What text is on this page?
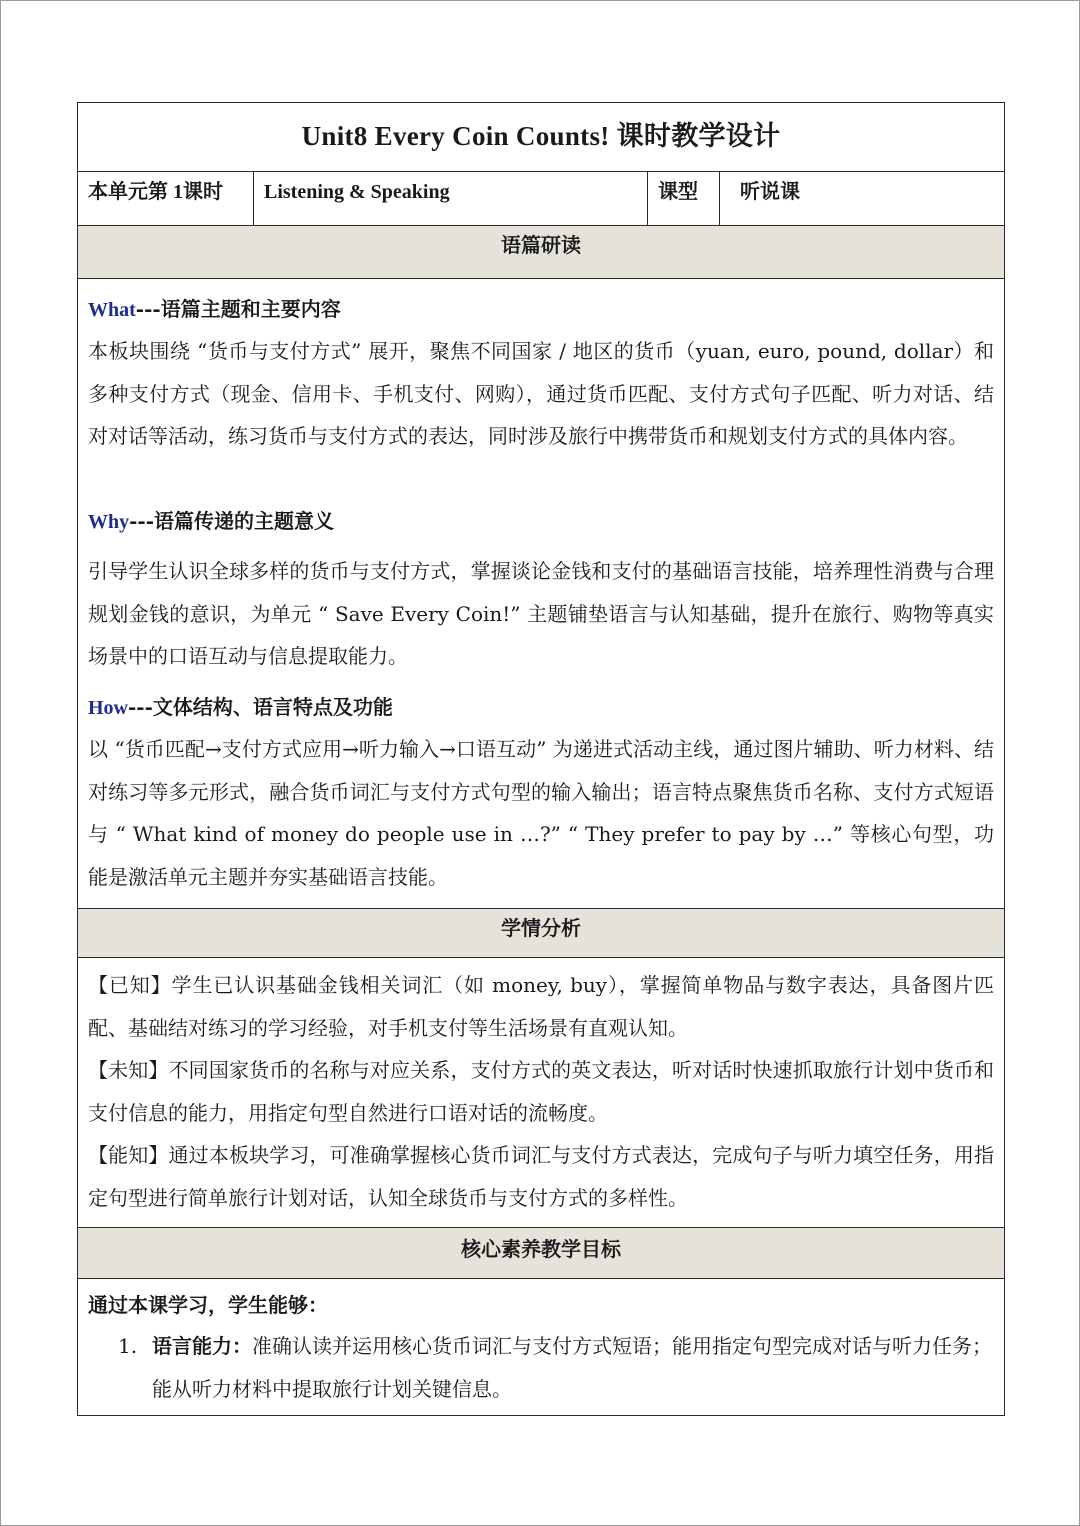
Unit8 Every Coin Counts! 课时教学设计
本单元第 1课时	Listening & Speaking	课型	听说课
语篇研读
What---语篇主题和主要内容
本板块围绕 “货币与支付方式” 展开，聚焦不同国家 / 地区的货币（yuan, euro, pound, dollar）和多种支付方式（现金、信用卡、手机支付、网购），通过货币匹配、支付方式句子匹配、听力对话、结对对话等活动，练习货币与支付方式的表达，同时涉及旅行中携带货币和规划支付方式的具体内容。
Why---语篇传递的主题意义
引导学生认识全球多样的货币与支付方式，掌握谈论金钱和支付的基础语言技能，培养理性消费与合理规划金钱的意识，为单元 “ Save Every Coin!” 主题铺垫语言与认知基础，提升在旅行、购物等真实场景中的口语互动与信息提取能力。
How---文体结构、语言特点及功能
以 “货币匹配→支付方式应用→听力输入→口语互动” 为递进式活动主线，通过图片辅助、听力材料、结对练习等多元形式，融合货币词汇与支付方式句型的输入输出；语言特点聚焦货币名称、支付方式短语与 “ What kind of money do people use in …?” “ They prefer to pay by …” 等核心句型，功能是激活单元主题并夯实基础语言技能。
学情分析
【已知】学生已认识基础金钱相关词汇（如 money, buy），掌握简单物品与数字表达，具备图片匹配、基础结对练习的学习经验，对手机支付等生活场景有直观认知。
【未知】不同国家货币的名称与对应关系，支付方式的英文表达，听对话时快速抓取旅行计划中货币和支付信息的能力，用指定句型自然进行口语对话的流畅度。
【能知】通过本板块学习，可准确掌握核心货币词汇与支付方式表达，完成句子与听力填空任务，用指定句型进行简单旅行计划对话，认知全球货币与支付方式的多样性。
核心素养教学目标
通过本课学习，学生能够：
1. 语言能力：准确认读并运用核心货币词汇与支付方式短语；能用指定句型完成对话与听力任务；能从听力材料中提取旅行计划关键信息。
